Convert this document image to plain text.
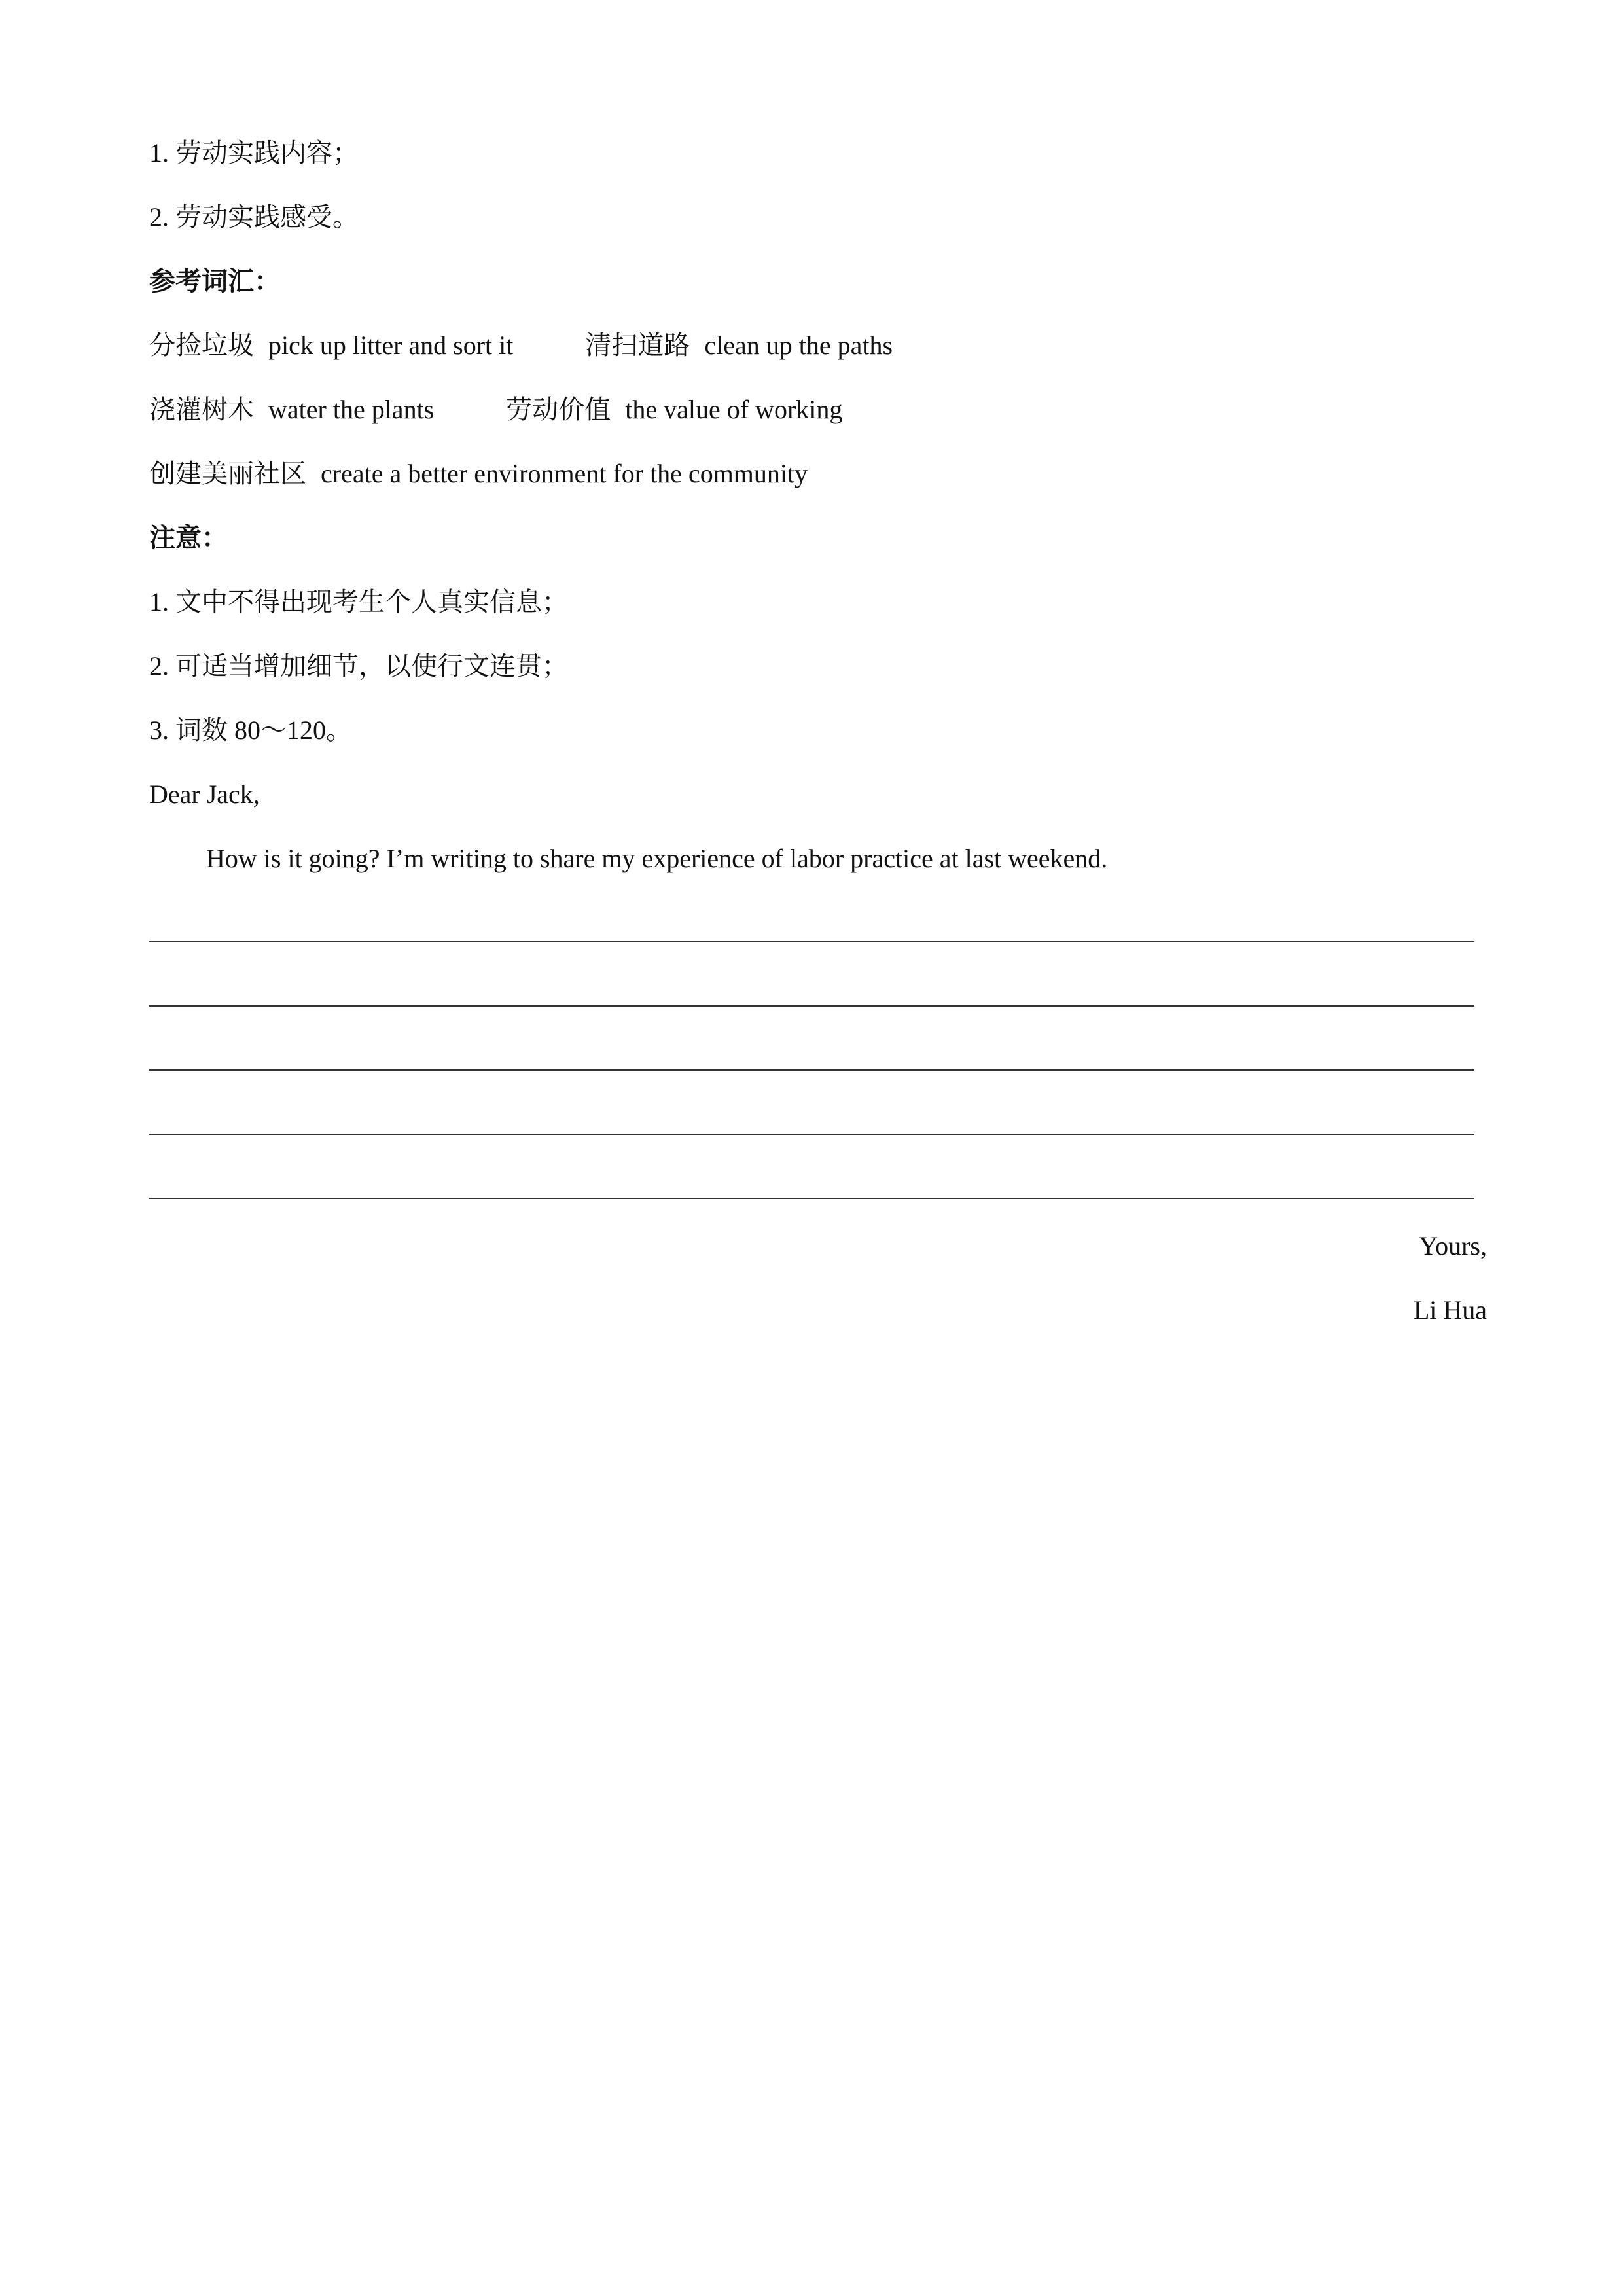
1. 劳动实践内容；
2. 劳动实践感受。
参考词汇：
分捡垃圾 pick up litter and sort it	清扫道路 clean up the paths
浇灌树木 water the plants	劳动价值 the value of working
创建美丽社区 create a better environment for the community
注意：
1. 文中不得出现考生个人真实信息；
2. 可适当增加细节，以使行文连贯；
3. 词数 80～120。
Dear Jack,
How is it going? I’m writing to share my experience of labor practice at last weekend.
Yours,
Li Hua
